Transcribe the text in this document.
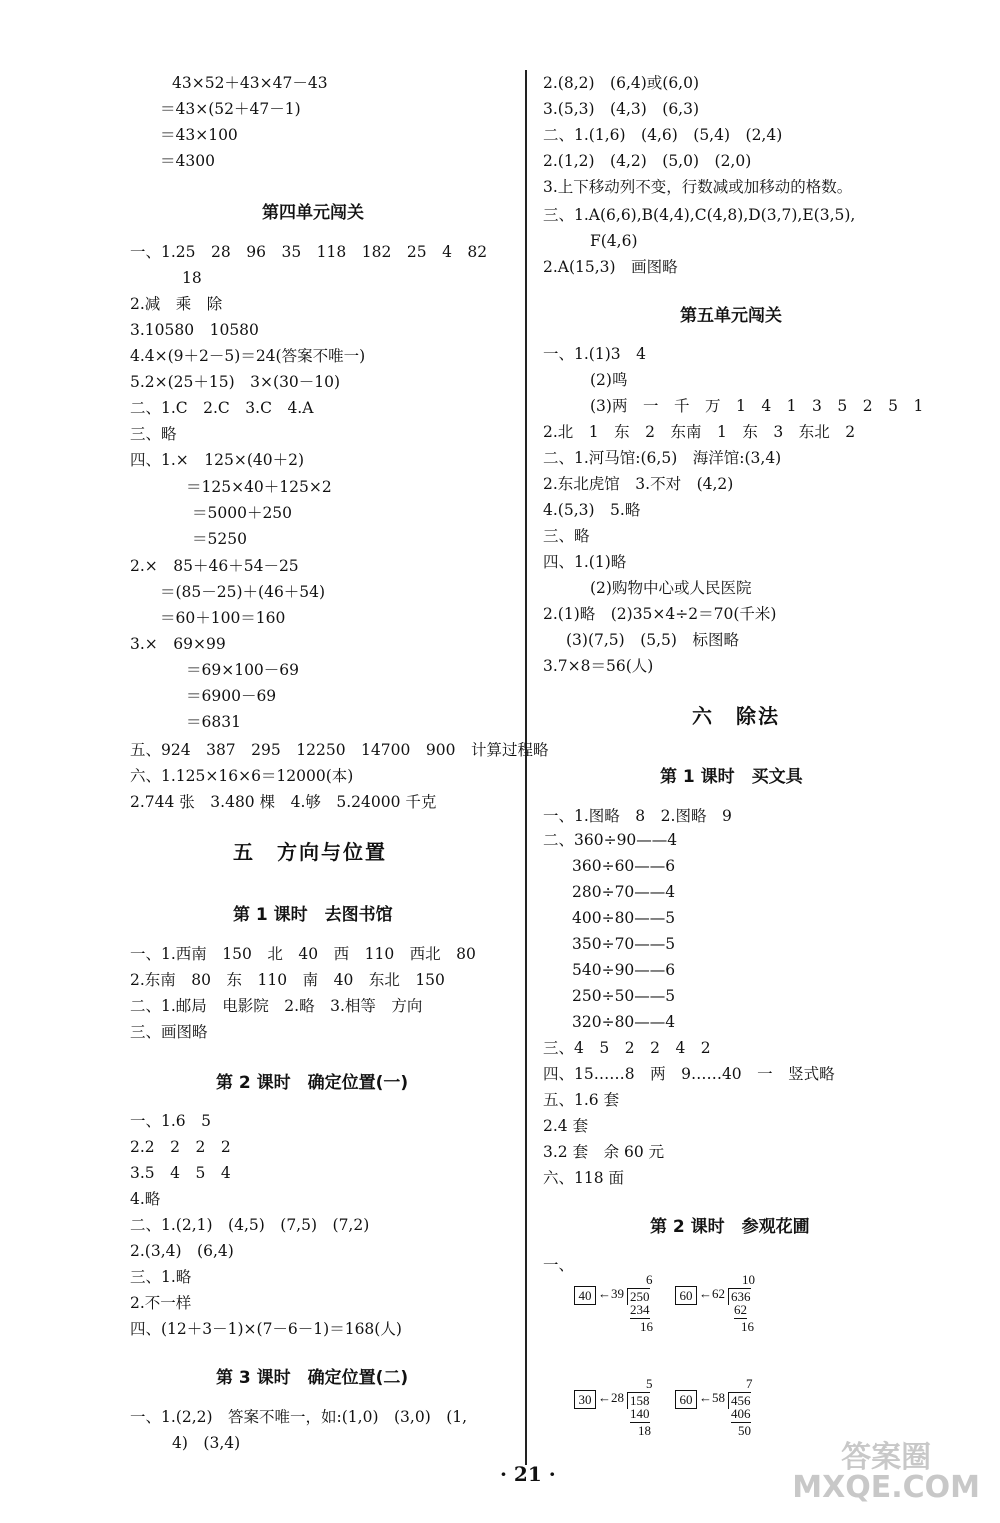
43×52＋43×47－43
＝43×(52＋47－1)
＝43×100
＝4300
第四单元闯关
一、1.25　28　96　35　118　182　25　4　82
18
2.减　乘　除
3.10580　10580
4.4×(9＋2－5)＝24(答案不唯一)
5.2×(25＋15)　3×(30－10)
二、1.C　2.C　3.C　4.A
三、略
四、1.×　125×(40＋2)
＝125×40＋125×2
＝5000＋250
＝5250
2.×　85＋46＋54－25
＝(85－25)＋(46＋54)
＝60＋100＝160
3.×　69×99
＝69×100－69
＝6900－69
＝6831
五、924　387　295　12250　14700　900　计算过程略
六、1.125×16×6＝12000(本)
2.744 张　3.480 棵　4.够　5.24000 千克
五　方向与位置
第 1 课时　去图书馆
一、1.西南　150　北　40　西　110　西北　80
2.东南　80　东　110　南　40　东北　150
二、1.邮局　电影院　2.略　3.相等　方向
三、画图略
第 2 课时　确定位置(一)
一、1.6　5
2.2　2　2　2
3.5　4　5　4
4.略
二、1.(2,1)　(4,5)　(7,5)　(7,2)
2.(3,4)　(6,4)
三、1.略
2.不一样
四、(12＋3－1)×(7－6－1)＝168(人)
第 3 课时　确定位置(二)
一、1.(2,2)　答案不唯一，如:(1,0)　(3,0)　(1,
4)　(3,4)
2.(8,2)　(6,4)或(6,0)
3.(5,3)　(4,3)　(6,3)
二、1.(1,6)　(4,6)　(5,4)　(2,4)
2.(1,2)　(4,2)　(5,0)　(2,0)
3.上下移动列不变，行数减或加移动的格数。
三、1.A(6,6),B(4,4),C(4,8),D(3,7),E(3,5),
F(4,6)
2.A(15,3)　画图略
第五单元闯关
一、1.(1)3　4
(2)鸣
(3)两　一　千　万　1　4　1　3　5　2　5　1
2.北　1　东　2　东南　1　东　3　东北　2
二、1.河马馆:(6,5)　海洋馆:(3,4)
2.东北虎馆　3.不对　(4,2)
4.(5,3)　5.略
三、略
四、1.(1)略
(2)购物中心或人民医院
2.(1)略　(2)35×4÷2＝70(千米)
(3)(7,5)　(5,5)　标图略
3.7×8＝56(人)
六　除法
第 1 课时　买文具
一、1.图略　8　2.图略　9
二、360÷90——4
360÷60——6
280÷70——4
400÷80——5
350÷70——5
540÷90——6
250÷50——5
320÷80——4
三、4　5　2　2　4　2
四、15……8　两　9……40　一　竖式略
五、1.6 套
2.4 套
3.2 套　余 60 元
六、118 面
第 2 课时　参观花圃
一、
40 ← 39
6
250
234
16
60 ← 62
10
636
62
16
30 ← 28
5
158
140
18
60 ← 58
7
456
406
50
· 21 ·	答案圈
MXQE.COM
